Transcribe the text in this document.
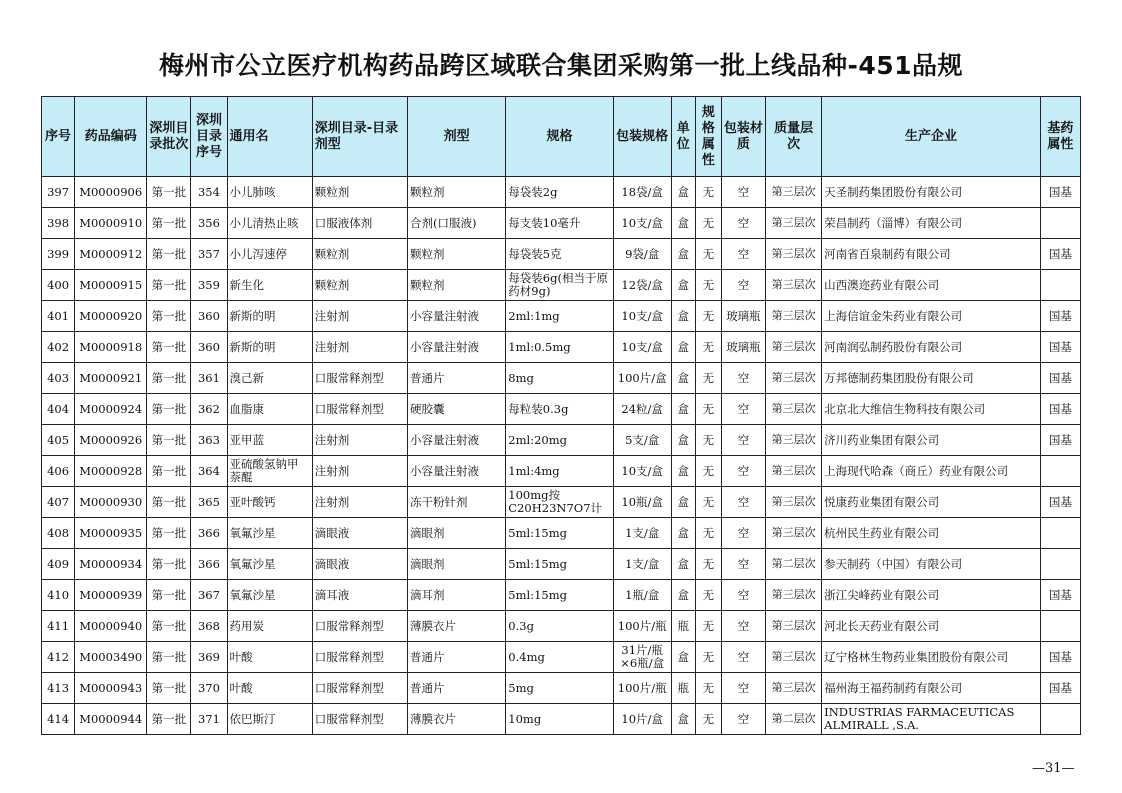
梅州市公立医疗机构药品跨区域联合集团采购第一批上线品种-451品规
序号	药品编码	深圳目录批次	深圳目录序号	通用名	深圳目录-目录剂型	剂型	规格	包装规格	单位	规格属性	包装材质	质量层次	生产企业	基药属性
397	M0000906	第一批	354	小儿肺咳	颗粒剂	颗粒剂	每袋装2g	18袋/盒	盒	无	空	第三层次	天圣制药集团股份有限公司	国基
398	M0000910	第一批	356	小儿清热止咳	口服液体剂	合剂(口服液)	每支装10毫升	10支/盒	盒	无	空	第三层次	荣昌制药（淄博）有限公司	
399	M0000912	第一批	357	小儿泻速停	颗粒剂	颗粒剂	每袋装5克	9袋/盒	盒	无	空	第三层次	河南省百泉制药有限公司	国基
400	M0000915	第一批	359	新生化	颗粒剂	颗粒剂	每袋装6g(相当于原药材9g)	12袋/盒	盒	无	空	第三层次	山西澳迩药业有限公司	
401	M0000920	第一批	360	新斯的明	注射剂	小容量注射液	2ml:1mg	10支/盒	盒	无	玻璃瓶	第三层次	上海信谊金朱药业有限公司	国基
402	M0000918	第一批	360	新斯的明	注射剂	小容量注射液	1ml:0.5mg	10支/盒	盒	无	玻璃瓶	第三层次	河南润弘制药股份有限公司	国基
403	M0000921	第一批	361	溴己新	口服常释剂型	普通片	8mg	100片/盒	盒	无	空	第三层次	万邦德制药集团股份有限公司	国基
404	M0000924	第一批	362	血脂康	口服常释剂型	硬胶囊	每粒装0.3g	24粒/盒	盒	无	空	第三层次	北京北大维信生物科技有限公司	国基
405	M0000926	第一批	363	亚甲蓝	注射剂	小容量注射液	2ml:20mg	5支/盒	盒	无	空	第三层次	济川药业集团有限公司	国基
406	M0000928	第一批	364	亚硫酸氢钠甲萘醌	注射剂	小容量注射液	1ml:4mg	10支/盒	盒	无	空	第三层次	上海现代哈森（商丘）药业有限公司	
407	M0000930	第一批	365	亚叶酸钙	注射剂	冻干粉针剂	100mg按C20H23N7O7计	10瓶/盒	盒	无	空	第三层次	悦康药业集团有限公司	国基
408	M0000935	第一批	366	氧氟沙星	滴眼液	滴眼剂	5ml:15mg	1支/盒	盒	无	空	第三层次	杭州民生药业有限公司	
409	M0000934	第一批	366	氧氟沙星	滴眼液	滴眼剂	5ml:15mg	1支/盒	盒	无	空	第二层次	参天制药（中国）有限公司	
410	M0000939	第一批	367	氧氟沙星	滴耳液	滴耳剂	5ml:15mg	1瓶/盒	盒	无	空	第三层次	浙江尖峰药业有限公司	国基
411	M0000940	第一批	368	药用炭	口服常释剂型	薄膜衣片	0.3g	100片/瓶	瓶	无	空	第三层次	河北长天药业有限公司	
412	M0003490	第一批	369	叶酸	口服常释剂型	普通片	0.4mg	31片/瓶×6瓶/盒	盒	无	空	第三层次	辽宁格林生物药业集团股份有限公司	国基
413	M0000943	第一批	370	叶酸	口服常释剂型	普通片	5mg	100片/瓶	瓶	无	空	第三层次	福州海王福药制药有限公司	国基
414	M0000944	第一批	371	依巴斯汀	口服常释剂型	薄膜衣片	10mg	10片/盒	盒	无	空	第二层次	INDUSTRIAS FARMACEUTICAS ALMIRALL ,S.A.	
—31—
